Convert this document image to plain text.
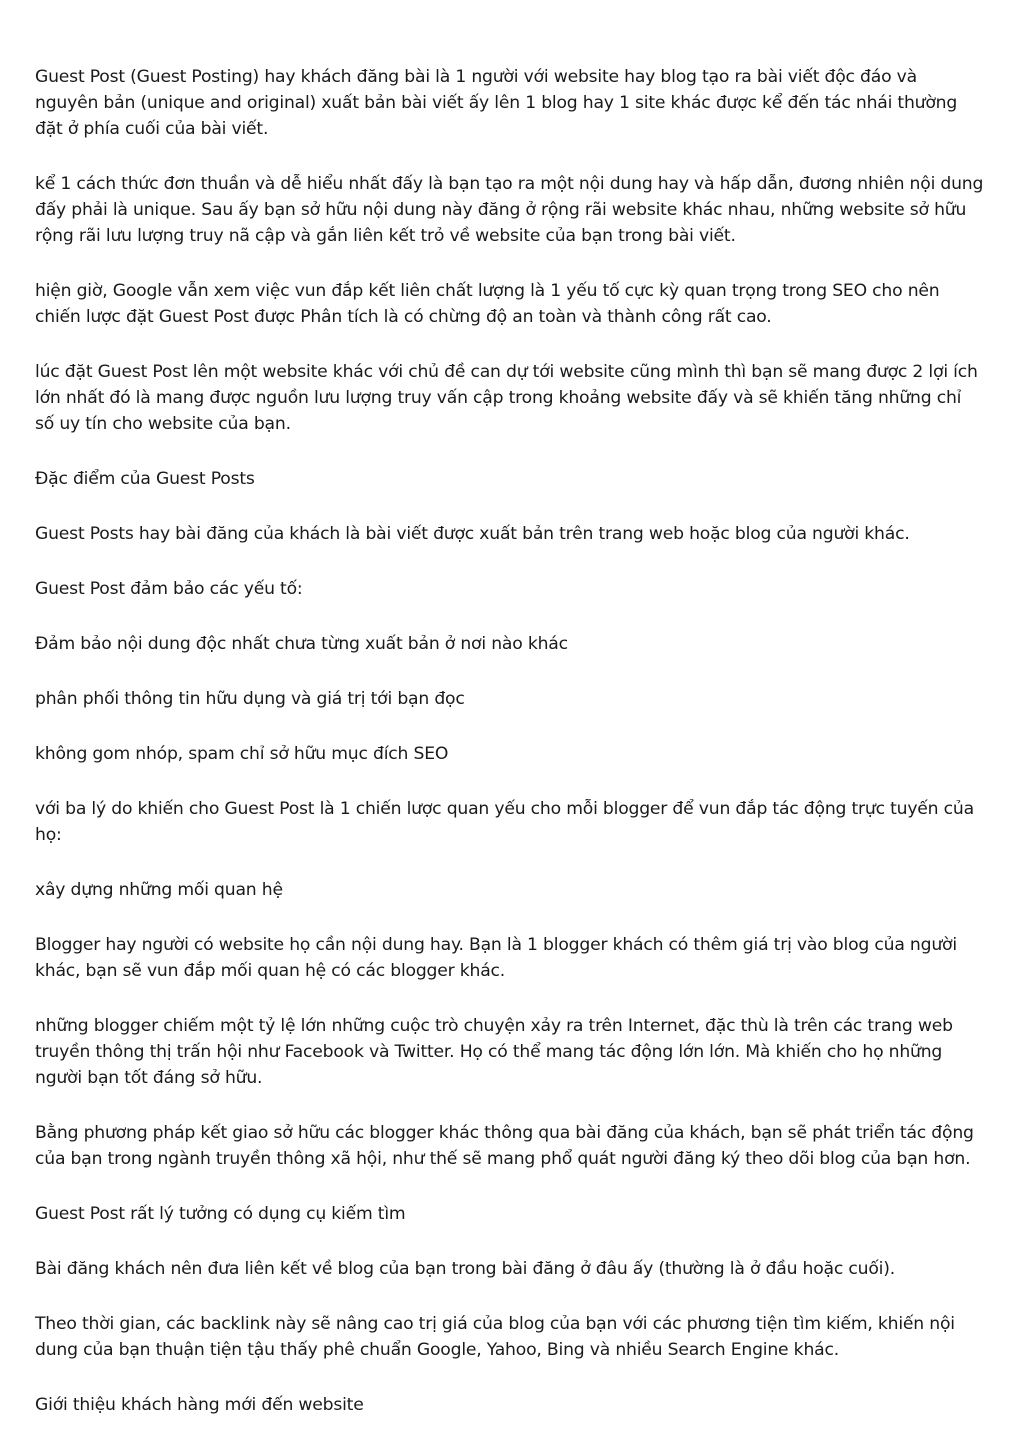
Guest Post (Guest Posting) hay khách đăng bài là 1 người với website hay blog tạo ra bài viết độc đáo và nguyên bản (unique and original) xuất bản bài viết ấy lên 1 blog hay 1 site khác được kể đến tác nhái thường đặt ở phía cuối của bài viết.

kể 1 cách thức đơn thuần và dễ hiểu nhất đấy là bạn tạo ra một nội dung hay và hấp dẫn, đương nhiên nội dung đấy phải là unique. Sau ấy bạn sở hữu nội dung này đăng ở rộng rãi website khác nhau, những website sở hữu rộng rãi lưu lượng truy nã cập và gắn liên kết trỏ về website của bạn trong bài viết.

hiện giờ, Google vẫn xem việc vun đắp kết liên chất lượng là 1 yếu tố cực kỳ quan trọng trong SEO cho nên chiến lược đặt Guest Post được Phân tích là có chừng độ an toàn và thành công rất cao.

lúc đặt Guest Post lên một website khác với chủ đề can dự tới website cũng mình thì bạn sẽ mang được 2 lợi ích lớn nhất đó là mang được nguồn lưu lượng truy vấn cập trong khoảng website đấy và sẽ khiến tăng những chỉ số uy tín cho website của bạn.

Đặc điểm của Guest Posts

Guest Posts hay bài đăng của khách là bài viết được xuất bản trên trang web hoặc blog của người khác.

Guest Post đảm bảo các yếu tố:

Đảm bảo nội dung độc nhất chưa từng xuất bản ở nơi nào khác

phân phối thông tin hữu dụng và giá trị tới bạn đọc

không gom nhóp, spam chỉ sở hữu mục đích SEO

với ba lý do khiến cho Guest Post là 1 chiến lược quan yếu cho mỗi blogger để vun đắp tác động trực tuyến của họ:

xây dựng những mối quan hệ

Blogger hay người có website họ cần nội dung hay. Bạn là 1 blogger khách có thêm giá trị vào blog của người khác, bạn sẽ vun đắp mối quan hệ có các blogger khác.

những blogger chiếm một tỷ lệ lớn những cuộc trò chuyện xảy ra trên Internet, đặc thù là trên các trang web truyền thông thị trấn hội như Facebook và Twitter. Họ có thể mang tác động lớn lớn. Mà khiến cho họ những người bạn tốt đáng sở hữu.

Bằng phương pháp kết giao sở hữu các blogger khác thông qua bài đăng của khách, bạn sẽ phát triển tác động của bạn trong ngành truyền thông xã hội, như thế sẽ mang phổ quát người đăng ký theo dõi blog của bạn hơn.

Guest Post rất lý tưởng có dụng cụ kiếm tìm

Bài đăng khách nên đưa liên kết về blog của bạn trong bài đăng ở đâu ấy (thường là ở đầu hoặc cuối).

Theo thời gian, các backlink này sẽ nâng cao trị giá của blog của bạn với các phương tiện tìm kiếm, khiến nội dung của bạn thuận tiện tậu thấy phê chuẩn Google, Yahoo, Bing và nhiều Search Engine khác.

Giới thiệu khách hàng mới đến website
